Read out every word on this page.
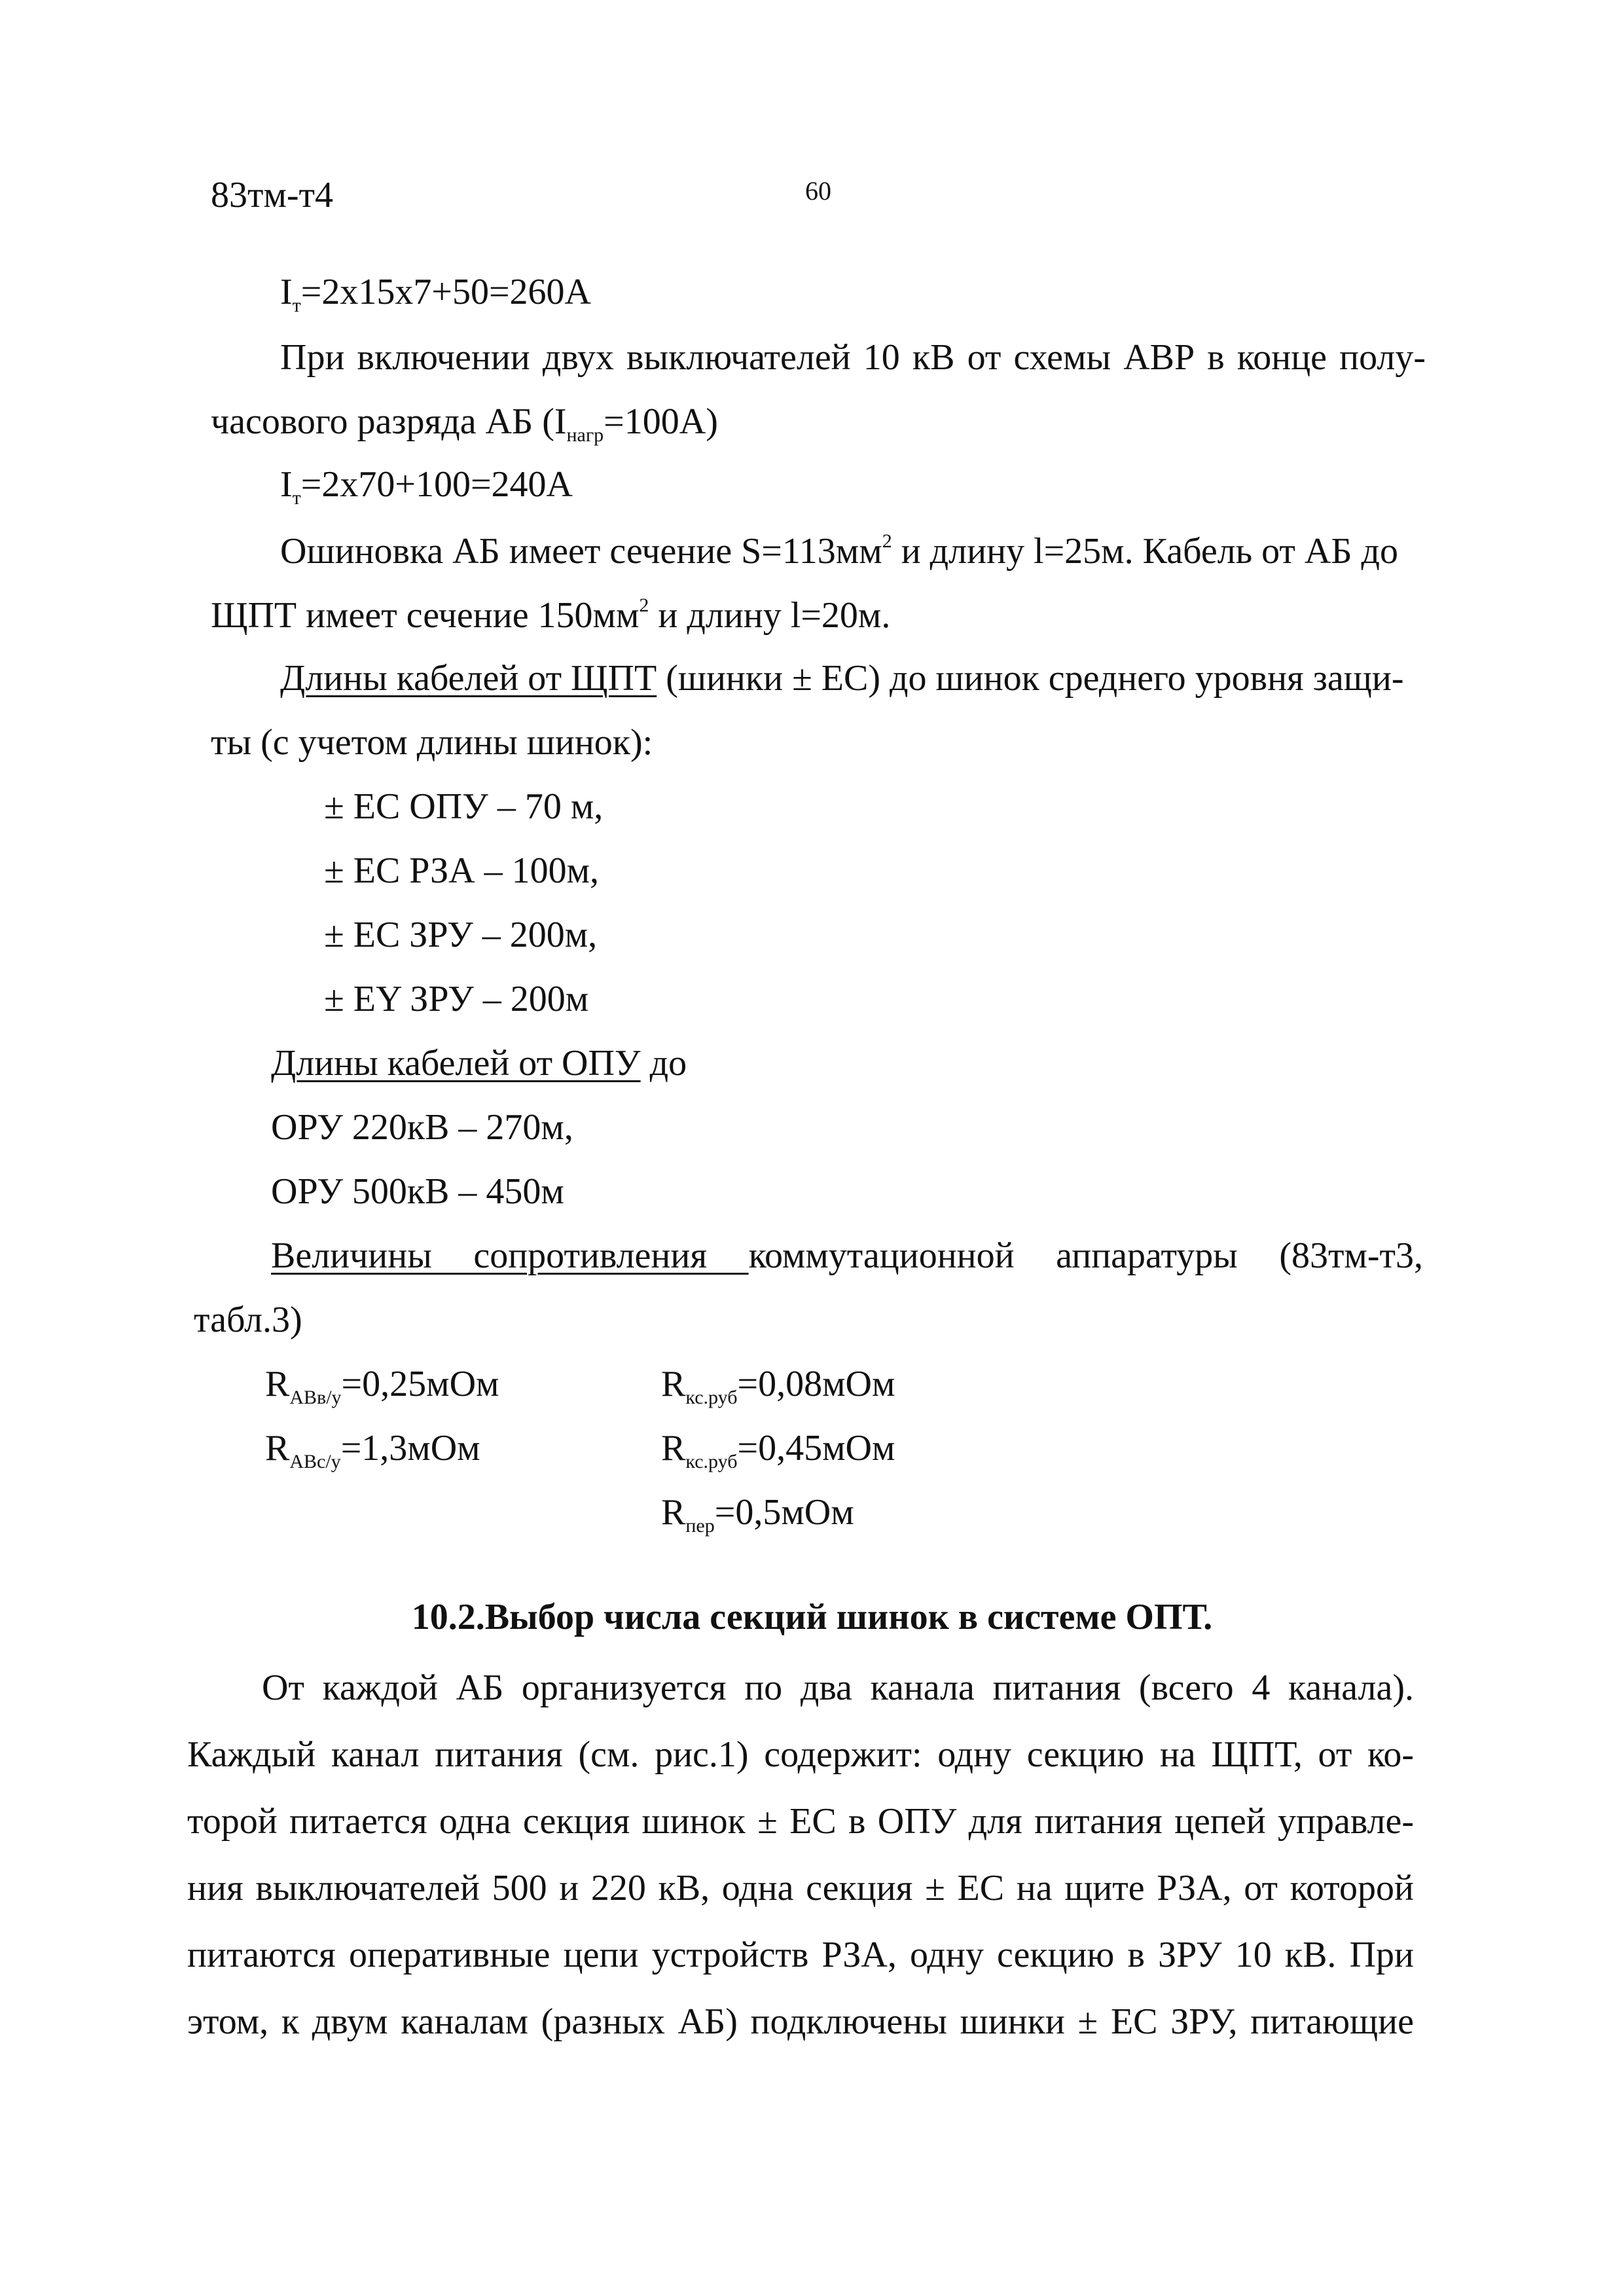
83тм-т4	60
$I_т=2х15х7+50=260А$
При включении двух выключателей 10 кВ от схемы АВР в конце полу-
часового разряда АБ $(I_{нагр}=100А)$
$I_т=2х70+100=240А$
Ошиновка АБ имеет сечение $S=113мм^2$ и длину l=25м. Кабель от АБ до
ЩПТ имеет сечение $150мм^2$ и длину l=20м.
Длины кабелей от ЩПТ (шинки ± ЕС) до шинок среднего уровня защи-
ты (с учетом длины шинок):
± ЕС ОПУ – 70 м,
± ЕС РЗА – 100м,
± ЕС ЗРУ – 200м,
± ЕY ЗРУ – 200м
Длины кабелей от ОПУ до
ОРУ 220кВ – 270м,
ОРУ 500кВ – 450м
Величины сопротивления коммутационной аппаратуры (83тм-т3,
табл.3)
$R_{АВв/у}=0,25мОм$
$R_{АВс/у}=1,3мОм$
$R_{кс.руб}=0,08мОм$
$R_{кс.руб}=0,45мОм$
$R_{пер}=0,5мОм$
10.2.Выбор числа секций шинок в системе ОПТ.
От каждой АБ организуется по два канала питания (всего 4 канала).
Каждый канал питания (см. рис.1) содержит: одну секцию на ЩПТ, от ко-
торой питается одна секция шинок ± ЕС в ОПУ для питания цепей управле-
ния выключателей 500 и 220 кВ, одна секция ± ЕС на щите РЗА, от которой
питаются оперативные цепи устройств РЗА, одну секцию в ЗРУ 10 кВ. При
этом, к двум каналам (разных АБ) подключены шинки ± ЕС ЗРУ, питающие
